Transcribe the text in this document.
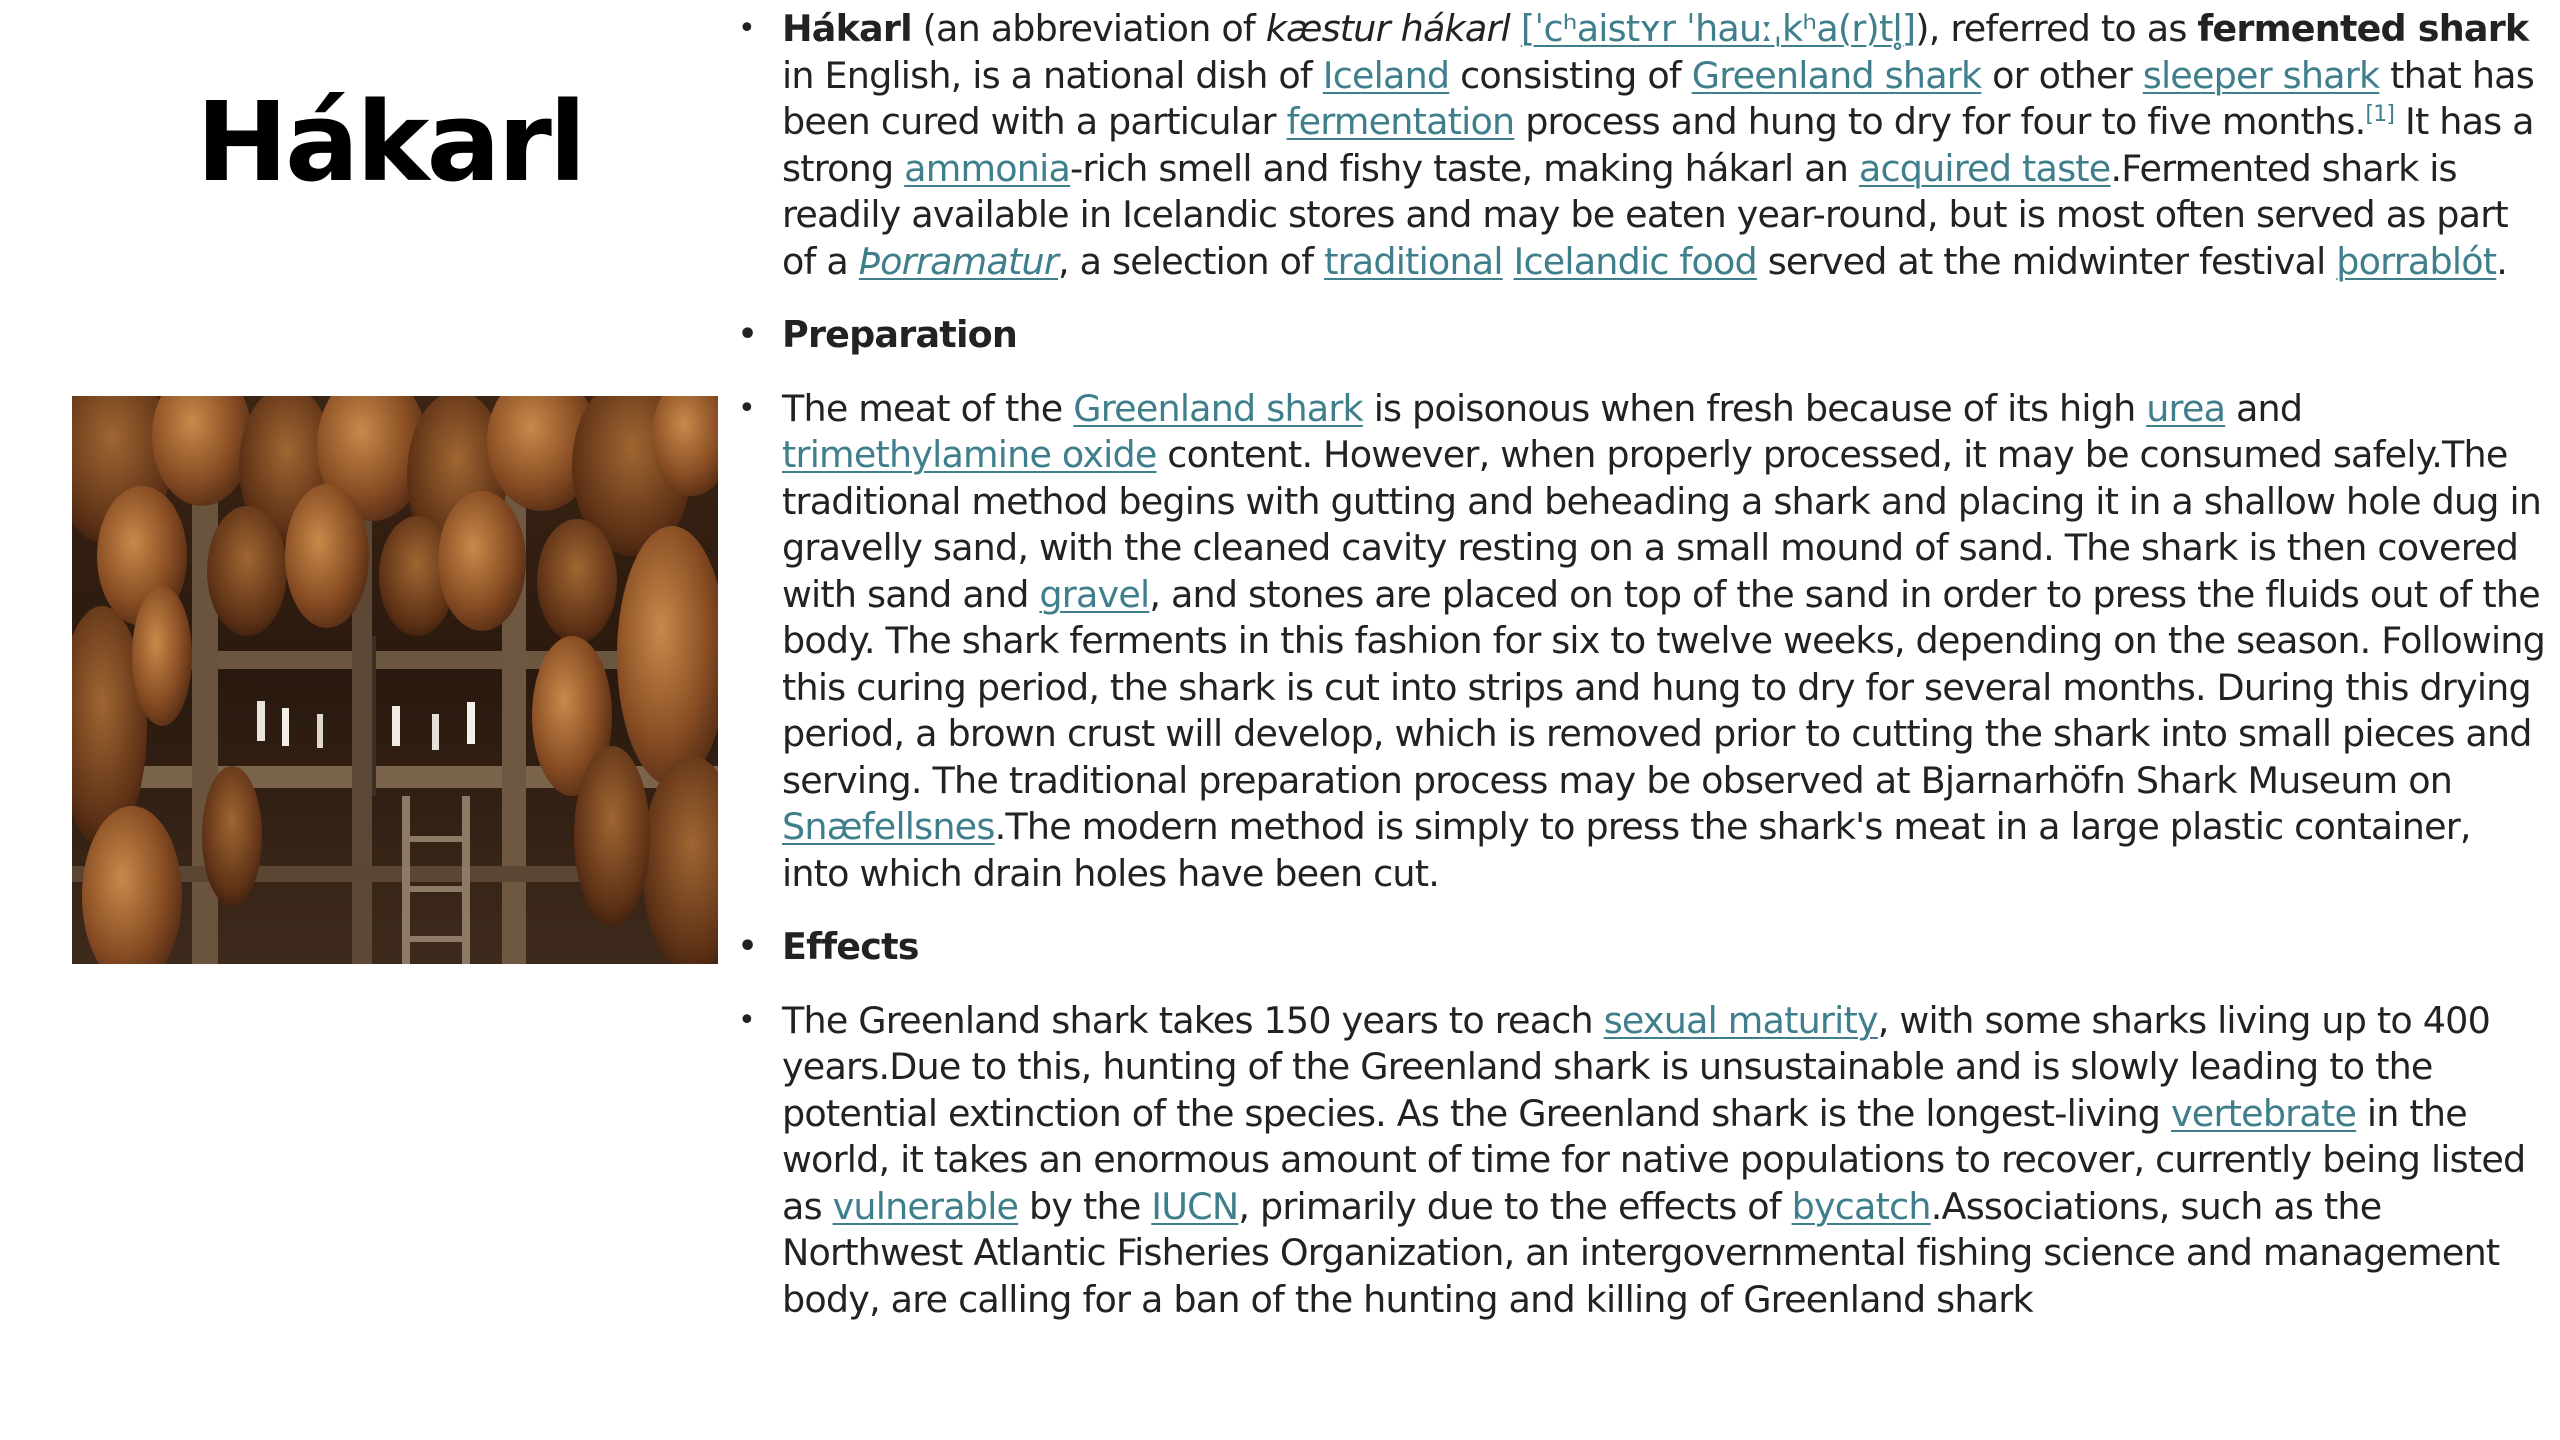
Hákarl
• Hákarl (an abbreviation of kæstur hákarl [ˈcʰaistʏr ˈhauːˌkʰa(r)tl̥]), referred to as fermented shark in English, is a national dish of Iceland consisting of Greenland shark or other sleeper shark that has been cured with a particular fermentation process and hung to dry for four to five months.[1] It has a strong ammonia-rich smell and fishy taste, making hákarl an acquired taste.Fermented shark is readily available in Icelandic stores and may be eaten year-round, but is most often served as part of a Þorramatur, a selection of traditional Icelandic food served at the midwinter festival þorrablót.
• Preparation
• The meat of the Greenland shark is poisonous when fresh because of its high urea and trimethylamine oxide content. However, when properly processed, it may be consumed safely.The traditional method begins with gutting and beheading a shark and placing it in a shallow hole dug in gravelly sand, with the cleaned cavity resting on a small mound of sand. The shark is then covered with sand and gravel, and stones are placed on top of the sand in order to press the fluids out of the body. The shark ferments in this fashion for six to twelve weeks, depending on the season. Following this curing period, the shark is cut into strips and hung to dry for several months. During this drying period, a brown crust will develop, which is removed prior to cutting the shark into small pieces and serving. The traditional preparation process may be observed at Bjarnarhöfn Shark Museum on Snæfellsnes.The modern method is simply to press the shark's meat in a large plastic container, into which drain holes have been cut.
• Effects
• The Greenland shark takes 150 years to reach sexual maturity, with some sharks living up to 400 years.Due to this, hunting of the Greenland shark is unsustainable and is slowly leading to the potential extinction of the species. As the Greenland shark is the longest-living vertebrate in the world, it takes an enormous amount of time for native populations to recover, currently being listed as vulnerable by the IUCN, primarily due to the effects of bycatch.Associations, such as the Northwest Atlantic Fisheries Organization, an intergovernmental fishing science and management body, are calling for a ban of the hunting and killing of Greenland shark
